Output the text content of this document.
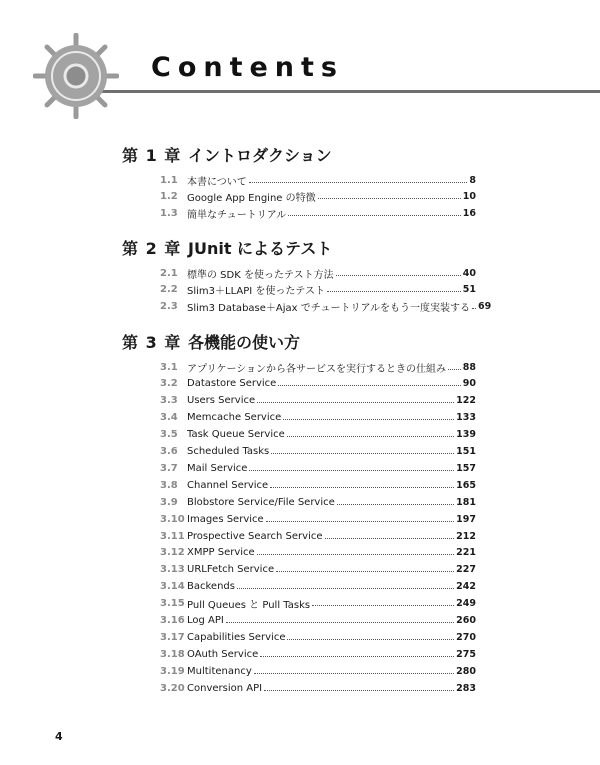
Contents
第 1 章 イントロダクション
1.1 本書について	8
1.2 Google App Engine の特徴	10
1.3 簡単なチュートリアル	16
第 2 章 JUnit によるテスト
2.1 標準の SDK を使ったテスト方法	40
2.2 Slim3＋LLAPI を使ったテスト	51
2.3 Slim3 Database＋Ajax でチュートリアルをもう一度実装する 69
第 3 章 各機能の使い方
3.1 アプリケーションから各サービスを実行するときの仕組み 88
3.2 Datastore Service	90
3.3 Users Service	122
3.4 Memcache Service	133
3.5 Task Queue Service	139
3.6 Scheduled Tasks	151
3.7 Mail Service	157
3.8 Channel Service	165
3.9 Blobstore Service/File Service	181
3.10 Images Service	197
3.11 Prospective Search Service	212
3.12 XMPP Service	221
3.13 URLFetch Service	227
3.14 Backends	242
3.15 Pull Queues と Pull Tasks	249
3.16 Log API	260
3.17 Capabilities Service	270
3.18 OAuth Service	275
3.19 Multitenancy	280
3.20 Conversion API	283
4
